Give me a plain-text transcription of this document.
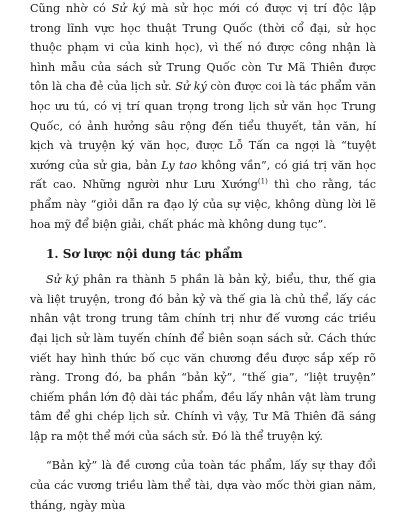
Cũng nhờ có Sử ký mà sử học mới có được vị trí độc lập trong lĩnh vực học thuật Trung Quốc (thời cổ đại, sử học thuộc phạm vi của kinh học), vì thế nó được công nhận là hình mẫu của sách sử Trung Quốc còn Tư Mã Thiên được tôn là cha đẻ của lịch sử. Sử ký còn được coi là tác phẩm văn học ưu tú, có vị trí quan trọng trong lịch sử văn học Trung Quốc, có ảnh hưởng sâu rộng đến tiểu thuyết, tản văn, hí kịch và truyện ký văn học, được Lỗ Tấn ca ngợi là “tuyệt xướng của sử gia, bản Ly tao không vần”, có giá trị văn học rất cao. Những người như Lưu Xướng$^{(1)}$ thì cho rằng, tác phẩm này “giỏi dẫn ra đạo lý của sự việc, không dùng lời lẽ hoa mỹ để biện giải, chất phác mà không dung tục”.

1. Sơ lược nội dung tác phẩm

Sử ký phân ra thành 5 phần là bản kỷ, biểu, thư, thế gia và liệt truyện, trong đó bản kỷ và thế gia là chủ thể, lấy các nhân vật trong trung tâm chính trị như đế vương các triều đại lịch sử làm tuyến chính để biên soạn sách sử. Cách thức viết hay hình thức bố cục văn chương đều được sắp xếp rõ ràng. Trong đó, ba phần “bản kỷ”, “thế gia”, “liệt truyện” chiếm phần lớn độ dài tác phẩm, đều lấy nhân vật làm trung tâm để ghi chép lịch sử. Chính vì vậy, Tư Mã Thiên đã sáng lập ra một thể mới của sách sử. Đó là thể truyện ký.

“Bản kỷ” là đề cương của toàn tác phẩm, lấy sự thay đổi của các vương triều làm thể tài, dựa vào mốc thời gian năm, tháng, ngày mùa
